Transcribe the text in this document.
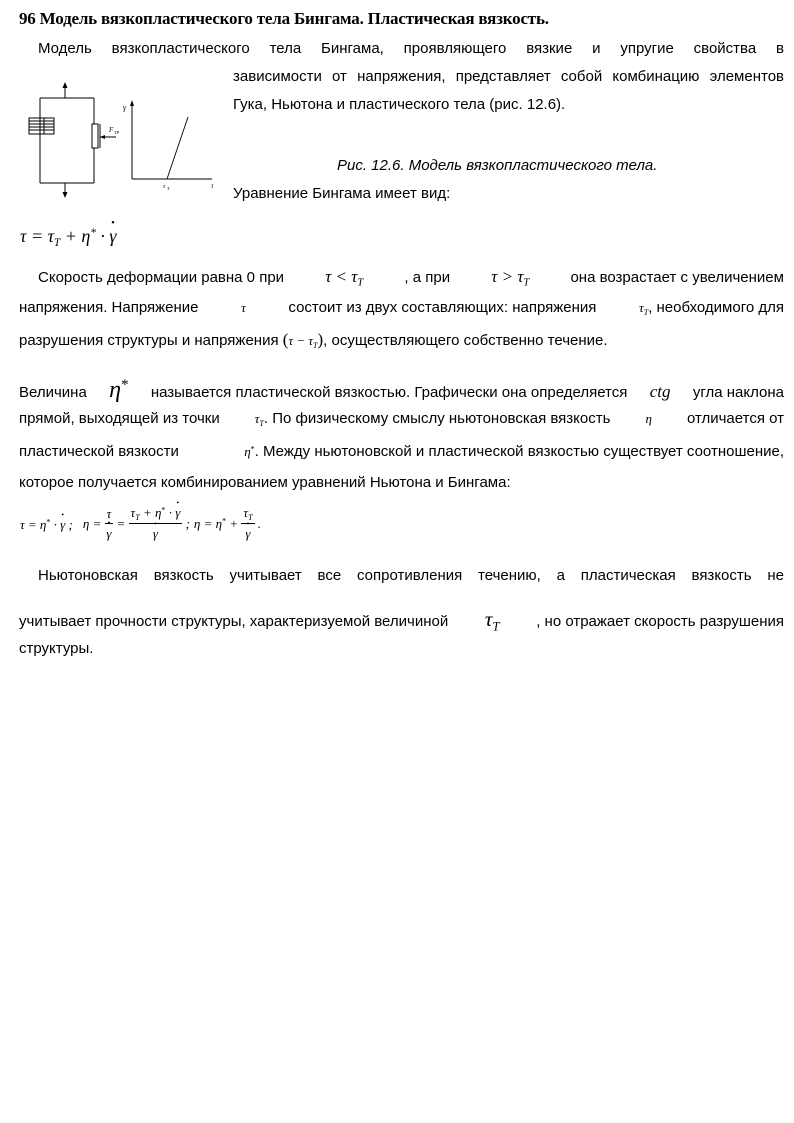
96 Модель вязкопластического тела Бингама. Пластическая вязкость.
Модель вязкопластического тела Бингама, проявляющего вязкие и упругие свойства в
зависимости от напряжения, представляет собой комбинацию элементов
Гука, Ньютона и пластического тела (рис. 12.6).
F ТР
γ
τ
τ T
Рис. 12.6. Модель вязкопластического тела.
Уравнение Бингама имеет вид:
$\tau = \tau_T + \eta^*$ · • γ
Скорость деформации равна 0 при $\tau < \tau_T$	, а при $\tau > \tau_T$	она возрастает с увеличением
напряжения. Напряжение	τ	состоит из двух составляющих: напряжения	$\tau_T$, необходимого для
разрушения структуры и напряжения $(\tau - \tau_T)$, осуществляющего собственно течение.
Величина η* называется пластической вязкостью. Графически она определяется ctg угла наклона
прямой, выходящей из точки	$\tau_T$. По физическому смыслу ньютоновская вязкость	η отличается от
пластической вязкости	η*. Между ньютоновской и пластической вязкостью существует соотношение,
которое получается комбинированием уравнений Ньютона и Бингама:
τ = η* · • γ ; η = τ
• $\gamma = \tau_T + \eta^*$ · • γ
• γ ; $\eta = \eta^* + \tau_T$
• γ .
Ньютоновская вязкость учитывает все сопротивления течению, а пластическая вязкость не
учитывает прочности структуры, характеризуемой величиной $\tau_T$ , но отражает скорость разрушения
структуры.
